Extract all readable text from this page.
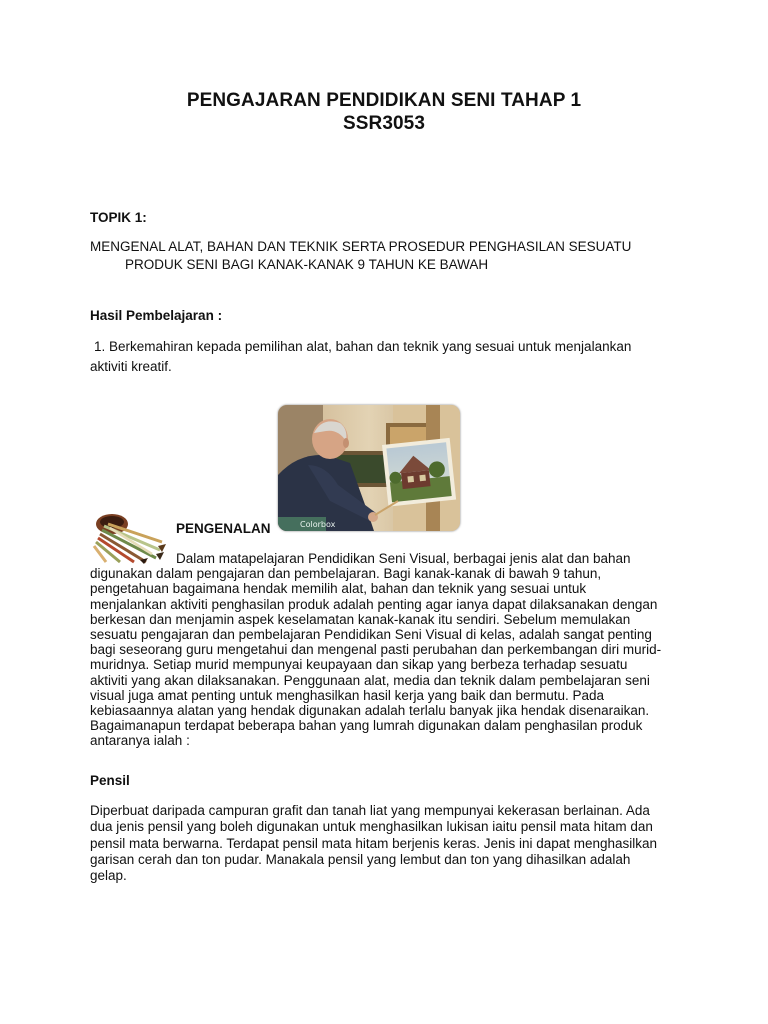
PENGAJARAN PENDIDIKAN SENI TAHAP 1
SSR3053
TOPIK 1:
MENGENAL ALAT, BAHAN DAN TEKNIK SERTA PROSEDUR PENGHASILAN SESUATU
PRODUK SENI BAGI KANAK-KANAK 9 TAHUN KE BAWAH
Hasil Pembelajaran :
1. Berkemahiran kepada pemilihan alat, bahan dan teknik yang sesuai untuk menjalankan
aktiviti kreatif.
Colorbox
PENGENALAN

Dalam matapelajaran Pendidikan Seni Visual, berbagai jenis alat dan bahan

digunakan dalam pengajaran dan pembelajaran. Bagi kanak-kanak di bawah 9 tahun,

pengetahuan bagaimana hendak memilih alat, bahan dan teknik yang sesuai untuk

menjalankan aktiviti penghasilan produk adalah penting agar ianya dapat dilaksanakan dengan

berkesan dan menjamin aspek keselamatan kanak-kanak itu sendiri. Sebelum memulakan

sesuatu pengajaran dan pembelajaran Pendidikan Seni Visual di kelas, adalah sangat penting

bagi seseorang guru mengetahui dan mengenal pasti perubahan dan perkembangan diri murid-

muridnya. Setiap murid mempunyai keupayaan dan sikap yang berbeza terhadap sesuatu

aktiviti yang akan dilaksanakan. Penggunaan alat, media dan teknik dalam pembelajaran seni

visual juga amat penting untuk menghasilkan hasil kerja yang baik dan bermutu. Pada

kebiasaannya alatan yang hendak digunakan adalah terlalu banyak jika hendak disenaraikan.

Bagaimanapun terdapat beberapa bahan yang lumrah digunakan dalam penghasilan produk

antaranya ialah :

Pensil

Diperbuat daripada campuran grafit dan tanah liat yang mempunyai kekerasan berlainan. Ada

dua jenis pensil yang boleh digunakan untuk menghasilkan lukisan iaitu pensil mata hitam dan

pensil mata berwarna. Terdapat pensil mata hitam berjenis keras. Jenis ini dapat menghasilkan

garisan cerah dan ton pudar. Manakala pensil yang lembut dan ton yang dihasilkan adalah

gelap.
